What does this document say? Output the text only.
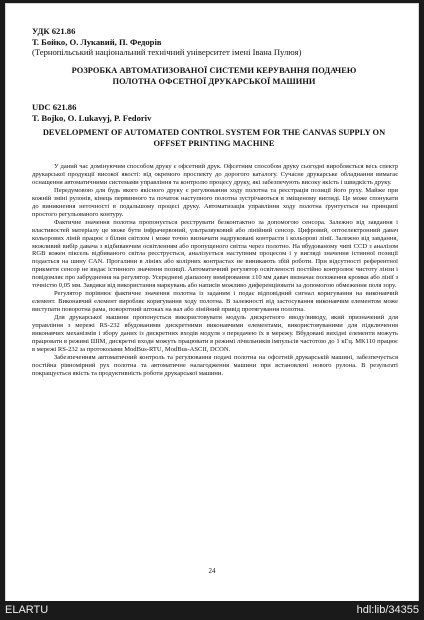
УДК 621.86

Т. Бойко, О. Лукавий, П. Федорів

(Тернопільський національний технічний університет імені Івана Пулюя)

РОЗРОБКА АВТОМАТИЗОВАНОЇ СИСТЕМИ КЕРУВАННЯ ПОДАЧЕЮ ПОЛОТНА ОФСЕТНОЇ ДРУКАРСЬКОЇ МАШИНИ

UDC 621.86

T. Bojko, O. Lukavyj, P. Fedoriv

DEVELOPMENT OF AUTOMATED CONTROL SYSTEM FOR THE CANVAS SUPPLY ON OFFSET PRINTING MACHINE

У даний час домінуючим способом друку є офсетний друк. Офсетним способом друку сьогодні виробляється весь спектр друкарської продукції високої якості: від окремого проспекту до дорогого каталогу. Сучасне друкарське обладнання вимагає оснащення автоматичними системами управління та контролю процесу друку, які забезпечують високу якість і швидкість друку.

Передумовою для будь якого якісного друку є регулювання ходу полотна та реєстрація позиції його руху. Майже при кожній зміні рулонів, кінець первинного та початок наступного полотна зустрічаються в зміщеному вигляді. Це може спонукати до виникнення неточності в подальшому процесі друку. Автоматизація управління ходу полотна ґрунтується на принципі простого регульованого контуру.

Фактичне значення полотна пропонується реєструвати безконтактно за допомогою сенсора. Залежно від завдання і властивостей матеріалу це може бути інфрачервоний, ультразвуковий або лінійний сенсор. Цифровий, оптоелектронний давач кольорових ліній працює з білим світлом і може точно визначати надруковані контрасти і кольорові лінії. Залежно від завдання, можливий вибір давача з відбиваючим освітленням або пропущеного світла через полотно. На вбудованому чипі CCD з аналізом RGB кожен піксель відбиваного світла реєструється, аналізується наступним процесом і у вигляді значення істинної позиції подається на шину CAN. Прогалини в лініях або колірних контрастах не виникають збій роботи. При відсутності референтної прикмети сенсор не видає істинного значення позиції. Автоматичний регулятор освітленості постійно контролює чистоту лінзи і повідомляє про забруднення на регулятор. Усереднені діапазону вимірювання ±10 мм давач визначає положення кромки або лінії з точністю 0,05 мм. Завдяки від використання маркувань або написів можливо диференціювати за допомогою обмеження поля зору.

Регулятор порівнює фактичне значення полотна із заданим і подає відповідний сигнал коригування на виконавчий елемент. Виконавчий елемент виробляє коригування ходу полотна. В залежності від застосування виконавчим елементом може виступати поворотна рама, поворотний штоках на вал або лінійний привід протягування полотна.

Для друкарської машини пропонується використовувати модуль дискретного вводу/виводу, який призначений для управління з мережі RS-232 вбудованими дискретними виконавчими елементами, використовуваними для підключення виконавчих механізмів і збору даних із дискретних входів модуля з передачею їх в мережу. Вбудовані вихідні елементи можуть працювати в режимі ШІМ, дискретні входи можуть працювати в режимі лічильників імпульсів частотою до 1 кГц. MK110 працює в мережі RS-232 за протоколами ModBus-RTU, ModBus-ASCII, DCON.

Забезпеченням автоматичний контроль та регулювання подачі полотна на офсетній друкарській машині, забезпечується постійна рівномірний рух полотна та автоматичне налагодження машини при встановлені нового рулона. В результаті покращується якість та продуктивність роботи друкарської машини.

24
ELARTU	hdl:lib/34355
